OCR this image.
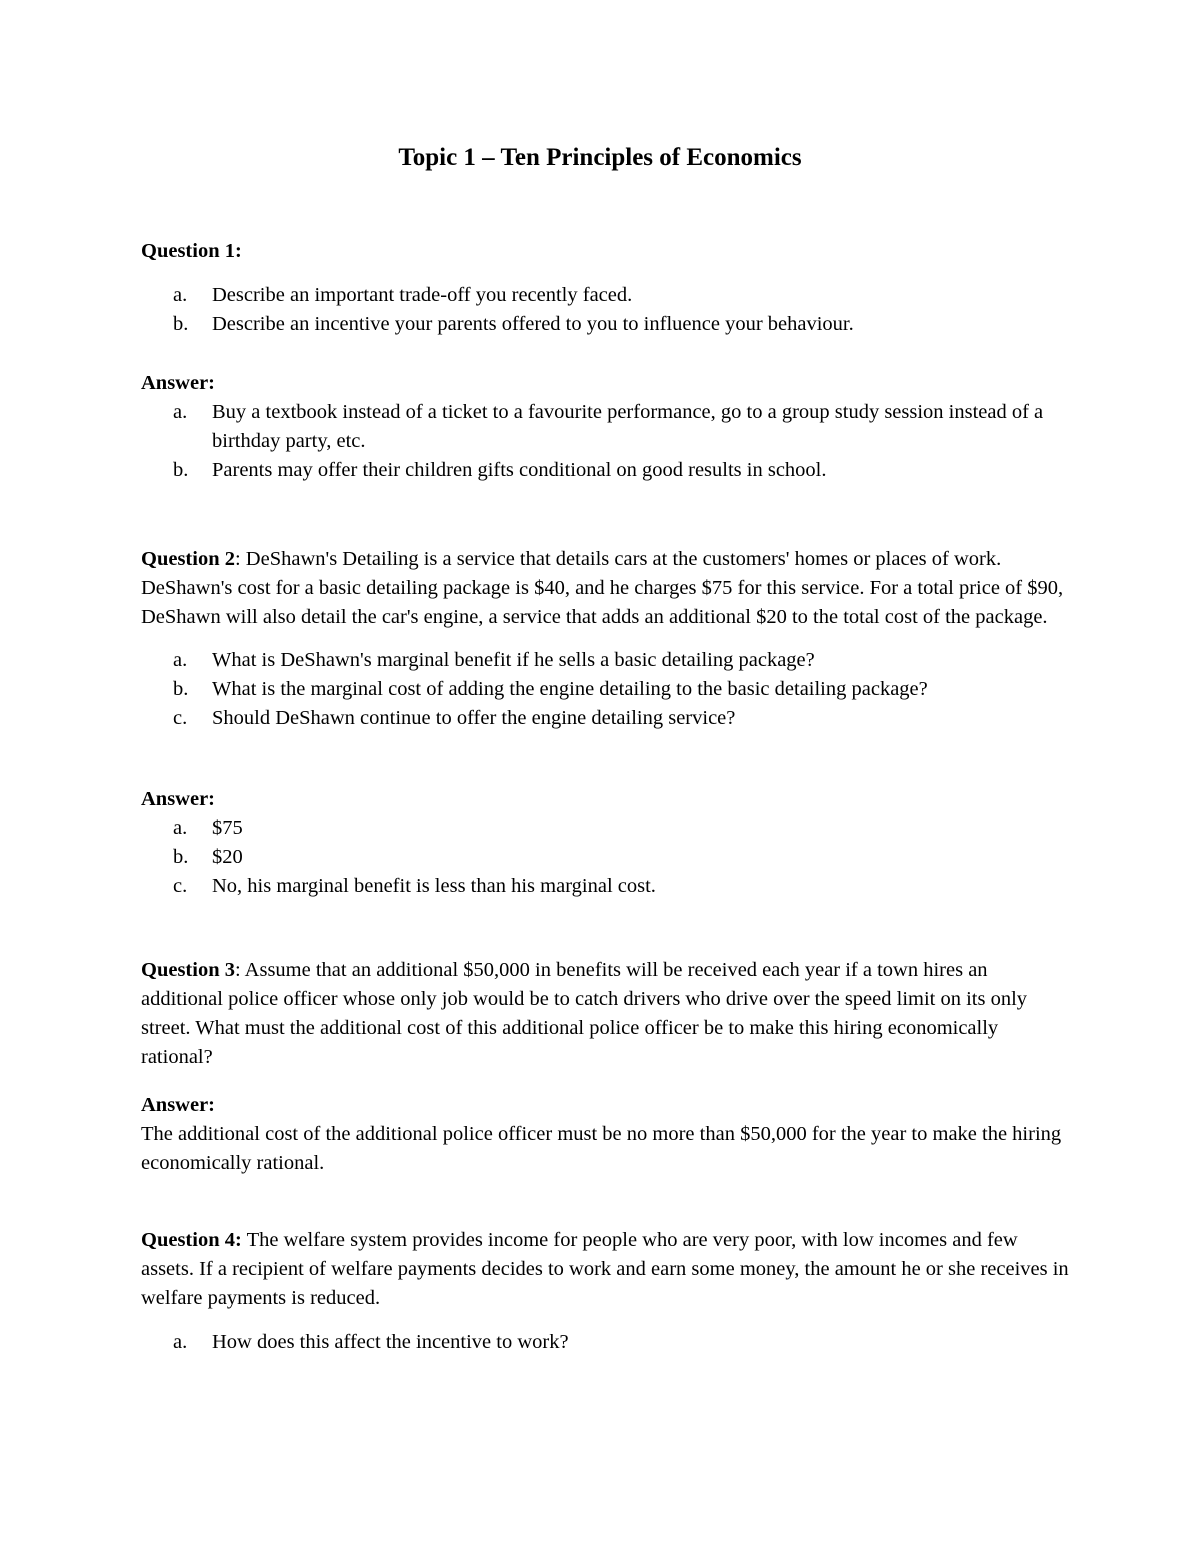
Topic 1 – Ten Principles of Economics
Question 1:
a. Describe an important trade-off you recently faced.
b. Describe an incentive your parents offered to you to influence your behaviour.
Answer:
a. Buy a textbook instead of a ticket to a favourite performance, go to a group study session instead of a birthday party, etc.
b. Parents may offer their children gifts conditional on good results in school.

Question 2: DeShawn's Detailing is a service that details cars at the customers' homes or places of work. DeShawn's cost for a basic detailing package is $40, and he charges $75 for this service. For a total price of $90, DeShawn will also detail the car's engine, a service that adds an additional $20 to the total cost of the package.

a. What is DeShawn's marginal benefit if he sells a basic detailing package?
b. What is the marginal cost of adding the engine detailing to the basic detailing package?
c. Should DeShawn continue to offer the engine detailing service?
Answer:
a. $75
b. $20
c. No, his marginal benefit is less than his marginal cost.

Question 3: Assume that an additional $50,000 in benefits will be received each year if a town hires an additional police officer whose only job would be to catch drivers who drive over the speed limit on its only street. What must the additional cost of this additional police officer be to make this hiring economically rational?

Answer:

The additional cost of the additional police officer must be no more than $50,000 for the year to make the hiring economically rational.

Question 4: The welfare system provides income for people who are very poor, with low incomes and few assets. If a recipient of welfare payments decides to work and earn some money, the amount he or she receives in welfare payments is reduced.

a. How does this affect the incentive to work?
